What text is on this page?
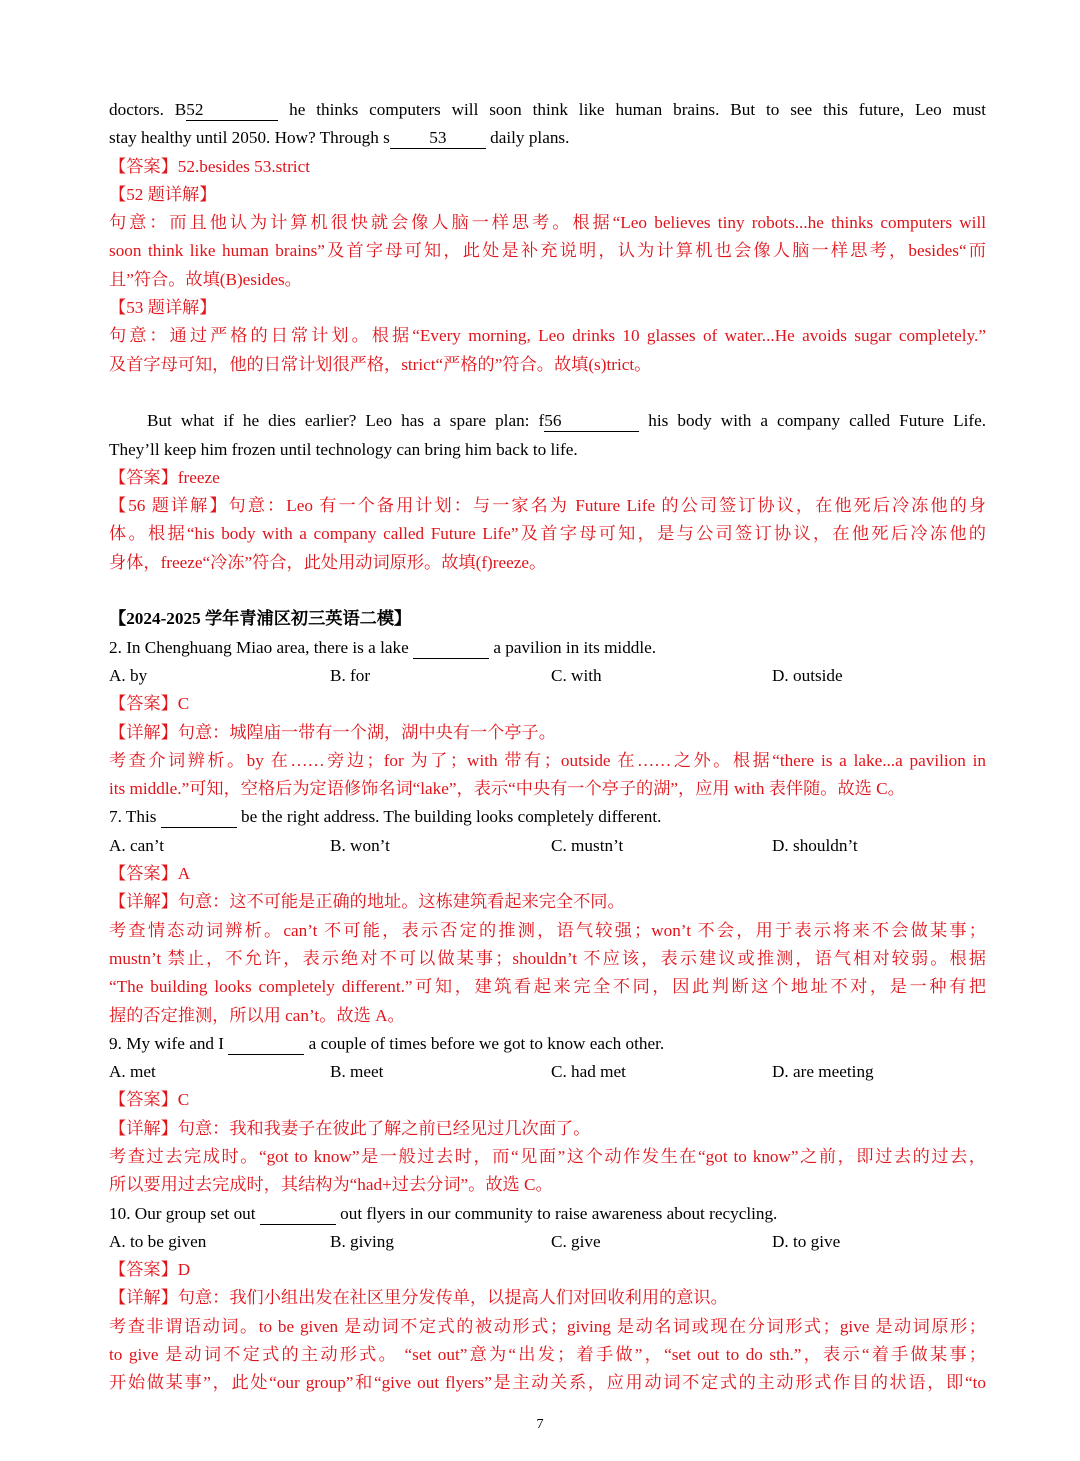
doctors. B52	he thinks computers will soon think like human brains. But to see this future, Leo must
stay healthy until 2050. How? Through s 53	daily plans.
【答案】52.besides 53.strict
【52 题详解】
句意：而且他认为计算机很快就会像人脑一样思考。根据“Leo believes tiny robots...he thinks computers will
soon think like human brains”及首字母可知，此处是补充说明，认为计算机也会像人脑一样思考，besides“而
且”符合。故填(B)esides。
【53 题详解】
句意：通过严格的日常计划。根据“Every morning, Leo drinks 10 glasses of water...He avoids sugar completely.”
及首字母可知，他的日常计划很严格，strict“严格的”符合。故填(s)trict。
But what if he dies earlier? Leo has a spare plan: f56	his body with a company called Future Life.
They’ll keep him frozen until technology can bring him back to life.
【答案】freeze
【56 题详解】句意：Leo 有一个备用计划：与一家名为 Future Life 的公司签订协议，在他死后冷冻他的身
体。根据“his body with a company called Future Life”及首字母可知，是与公司签订协议，在他死后冷冻他的
身体，freeze“冷冻”符合，此处用动词原形。故填(f)reeze。
【2024-2025 学年青浦区初三英语二模】
2. In Chenghuang Miao area, there is a lake	a pavilion in its middle.
A. by	B. for	C. with	D. outside
【答案】C
【详解】句意：城隍庙一带有一个湖，湖中央有一个亭子。
考查介词辨析。by 在……旁边；for 为了；with 带有；outside 在……之外。根据“there is a lake...a pavilion in
its middle.”可知，空格后为定语修饰名词“lake”，表示“中央有一个亭子的湖”，应用 with 表伴随。故选 C。
7. This	be the right address. The building looks completely different.
A. can’t	B. won’t	C. mustn’t	D. shouldn’t
【答案】A
【详解】句意：这不可能是正确的地址。这栋建筑看起来完全不同。
考查情态动词辨析。can’t 不可能，表示否定的推测，语气较强；won’t 不会，用于表示将来不会做某事；
mustn’t 禁止，不允许，表示绝对不可以做某事；shouldn’t 不应该，表示建议或推测，语气相对较弱。根据
“The building looks completely different.”可知，建筑看起来完全不同，因此判断这个地址不对，是一种有把
握的否定推测，所以用 can’t。故选 A。
9. My wife and I	a couple of times before we got to know each other.
A. met	B. meet	C. had met	D. are meeting
【答案】C
【详解】句意：我和我妻子在彼此了解之前已经见过几次面了。
考查过去完成时。“got to know”是一般过去时，而“见面”这个动作发生在“got to know”之前，即过去的过去，
所以要用过去完成时，其结构为“had+过去分词”。故选 C。
10. Our group set out	out flyers in our community to raise awareness about recycling.
A. to be given	B. giving	C. give	D. to give
【答案】D
【详解】句意：我们小组出发在社区里分发传单，以提高人们对回收利用的意识。
考查非谓语动词。to be given 是动词不定式的被动形式；giving 是动名词或现在分词形式；give 是动词原形；
to give 是动词不定式的主动形式。 “set out”意为“出发；着手做”，“set out to do sth.”，表示“着手做某事；
开始做某事”，此处“our group”和“give out flyers”是主动关系，应用动词不定式的主动形式作目的状语，即“to
7
